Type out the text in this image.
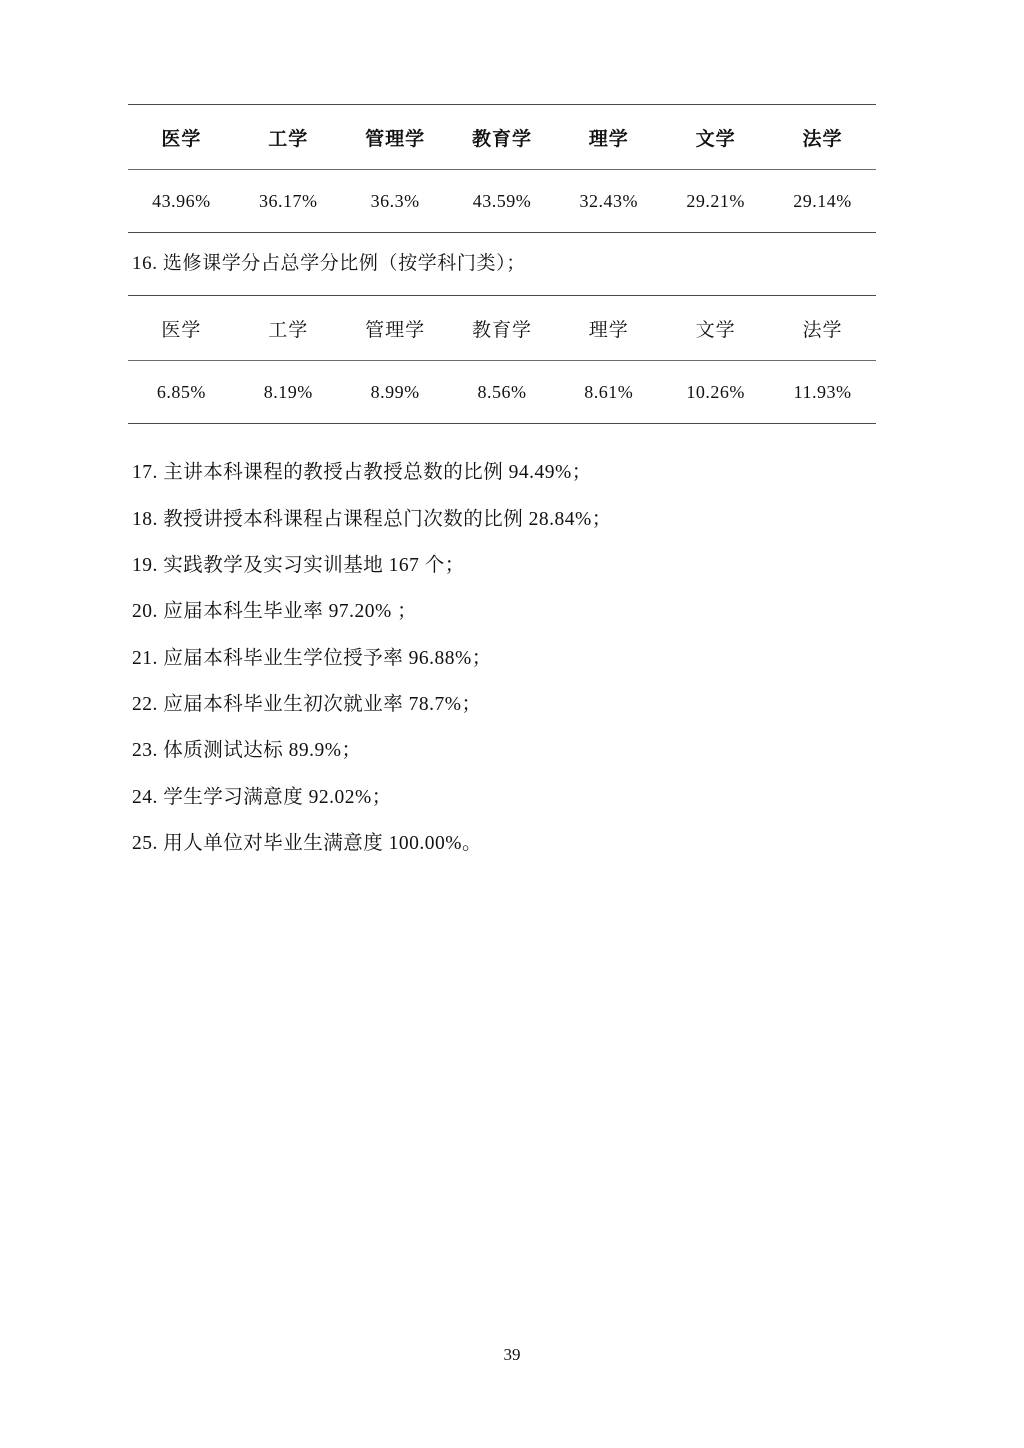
医学	工学	管理学	教育学	理学	文学	法学
43.96%	36.17%	36.3%	43.59%	32.43%	29.21%	29.14%
16. 选修课学分占总学分比例（按学科门类）；
医学	工学	管理学	教育学	理学	文学	法学
6.85%	8.19%	8.99%	8.56%	8.61%	10.26%	11.93%
17. 主讲本科课程的教授占教授总数的比例 94.49%；
18. 教授讲授本科课程占课程总门次数的比例 28.84%；
19. 实践教学及实习实训基地 167 个；
20. 应届本科生毕业率 97.20% ；
21. 应届本科毕业生学位授予率 96.88%；
22. 应届本科毕业生初次就业率 78.7%；
23. 体质测试达标 89.9%；
24. 学生学习满意度 92.02%；
25. 用人单位对毕业生满意度 100.00%。
39
